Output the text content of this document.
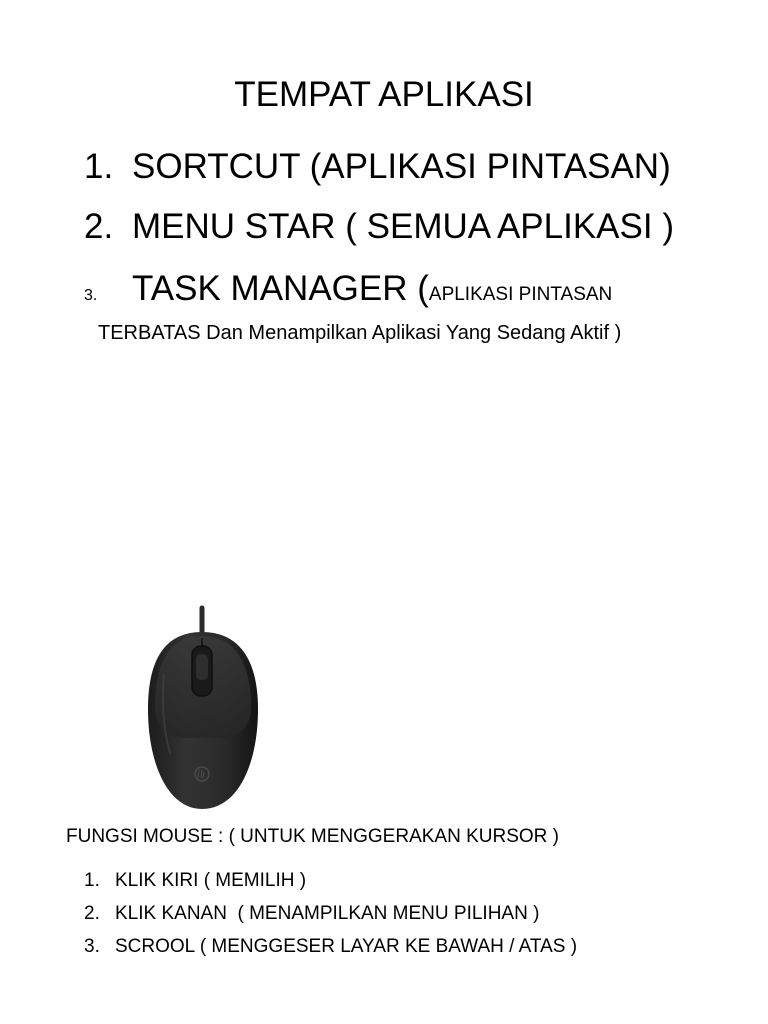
TEMPAT APLIKASI
1. SORTCUT (APLIKASI PINTASAN)
2. MENU STAR ( SEMUA APLIKASI )
3. TASK MANAGER (APLIKASI PINTASAN
TERBATAS Dan Menampilkan Aplikasi Yang Sedang Aktif )
FUNGSI MOUSE : ( UNTUK MENGGERAKAN KURSOR )
1. KLIK KIRI ( MEMILIH )
2. KLIK KANAN  ( MENAMPILKAN MENU PILIHAN )
3. SCROOL ( MENGGESER LAYAR KE BAWAH / ATAS )
